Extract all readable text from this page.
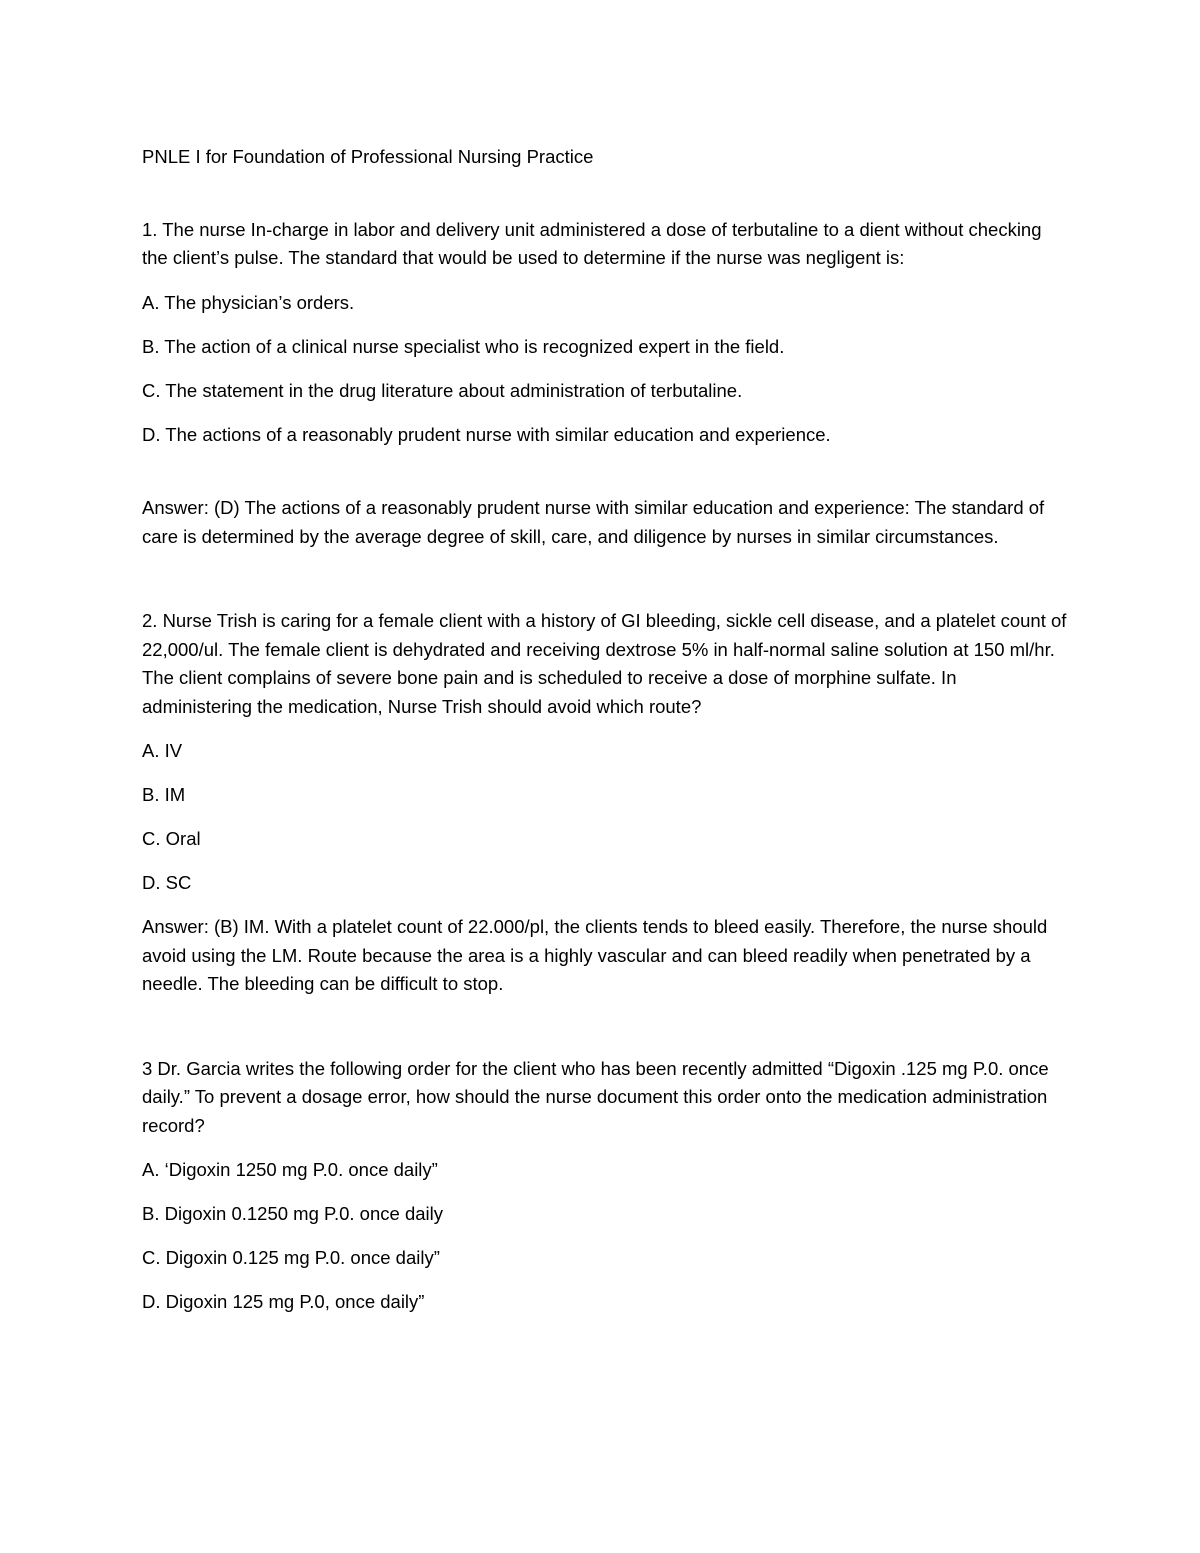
PNLE I for Foundation of Professional Nursing Practice

1. The nurse In-charge in labor and delivery unit administered a dose of terbutaline to a dient without checking the client’s pulse. The standard that would be used to determine if the nurse was negligent is:

A. The physician’s orders.

B. The action of a clinical nurse specialist who is recognized expert in the field.

C. The statement in the drug literature about administration of terbutaline.

D. The actions of a reasonably prudent nurse with similar education and experience.

Answer: (D) The actions of a reasonably prudent nurse with similar education and experience: The standard of care is determined by the average degree of skill, care, and diligence by nurses in similar circumstances.

2. Nurse Trish is caring for a female client with a history of GI bleeding, sickle cell disease, and a platelet count of 22,000/ul. The female client is dehydrated and receiving dextrose 5% in half-normal saline solution at 150 ml/hr. The client complains of severe bone pain and is scheduled to receive a dose of morphine sulfate. In administering the medication, Nurse Trish should avoid which route?

A. IV

B. IM

C. Oral

D. SC

Answer: (B) IM. With a platelet count of 22.000/pl, the clients tends to bleed easily. Therefore, the nurse should avoid using the LM. Route because the area is a highly vascular and can bleed readily when penetrated by a needle. The bleeding can be difficult to stop.

3 Dr. Garcia writes the following order for the client who has been recently admitted “Digoxin .125 mg P.0. once daily.” To prevent a dosage error, how should the nurse document this order onto the medication administration record?

A. ‘Digoxin 1250 mg P.0. once daily”

B. Digoxin 0.1250 mg P.0. once daily

C. Digoxin 0.125 mg P.0. once daily”

D. Digoxin 125 mg P.0, once daily”
